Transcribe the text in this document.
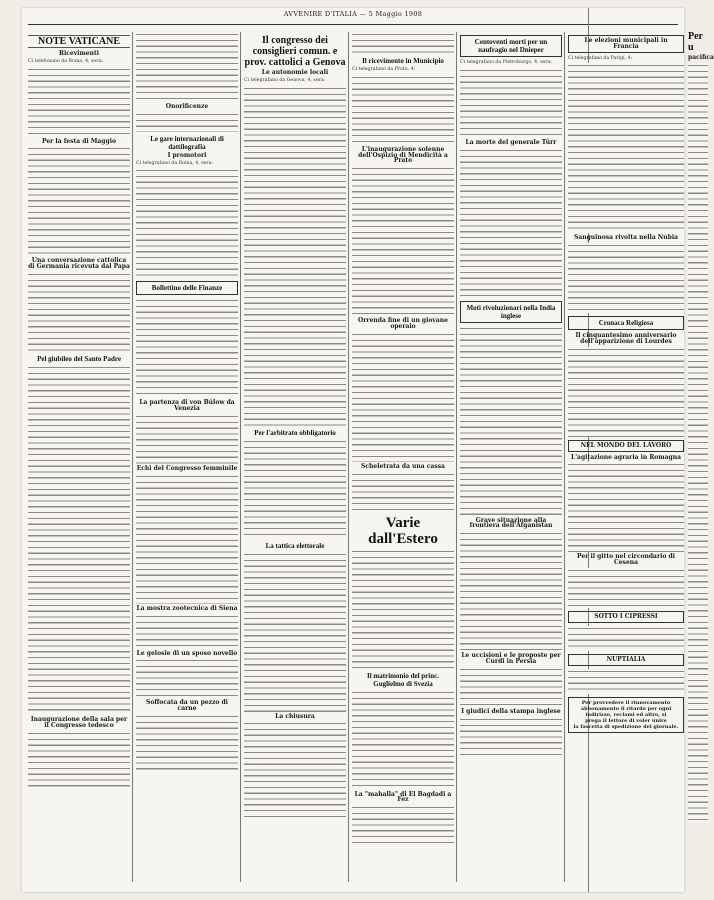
AVVENIRE D'ITALIA — 5 Maggio 1908
NOTE VATICANE
Ricevimenti

Ci telefonano da Roma, 4, sera:

Per la festa di Maggio
Una conversazione cattolica di Germania ricevuta dal Papa
Pel giubileo del Santo Padre
Inaugurazione della sala per il Congresso tedesco
Onorificenze
Le gare internazionali di dattilografia
I promotori

Ci telegrafano da Roma, 4, sera:

Bollettino delle Finanze
La partenza di von Bülow da Venezia
Echi del Congresso femminile
La mostra zootecnica di Siena
Le gelosie di un sposo novello
Soffocata da un pezzo di carne
Il congresso dei consiglieri comun. e prov. cattolici a Genova
Le autonomie locali

Ci telegrafano da Genova, 4, sera:

Per l'arbitrato obbligatorio
La tattica elettorale
La chiusura
Il ricevimento in Municipio

Ci telegrafano da Prato, 4:

L'inaugurazione solenne dell'Ospizio di Mendicità a Prato
Orrenda fine di un giovane operaio
Scheletrata da una cassa
Varie dall'Estero
Il matrimonio del princ. Guglielmo di Svezia
La "mahalla" di El Bagdadi a Fez
Centoventi morti per un naufragio nel Dnieper

Ci telegrafano da Pietroburgo, 4, sera:

La morte del generale Türr
Moti rivoluzionari nella India inglese
Grave situazione alla frontiera dell'Afganistan
Le uccisioni e le proposte per Curdi in Persia
I giudici della stampa inglese
Le elezioni municipali in Francia

Ci telegrafano da Parigi, 4:

Sanguinosa rivolta nella Nubia
Cronaca Religiosa
Il cinquantesimo anniversario dell'apparizione di Lourdes
NEL MONDO DEL LAVORO
L'agitazione agraria in Romagna
Per il gitto nel circondario di Cesena
SOTTO I CIPRESSI
NUPTIALIA
Per provvedere il rinnovamento
abbonamento il ritardo per ogni
indirizzo, reclami ed altro, si
prega il lettore di voler unire
la fascetta di spedizione del giornale.
Per u
pacifica
